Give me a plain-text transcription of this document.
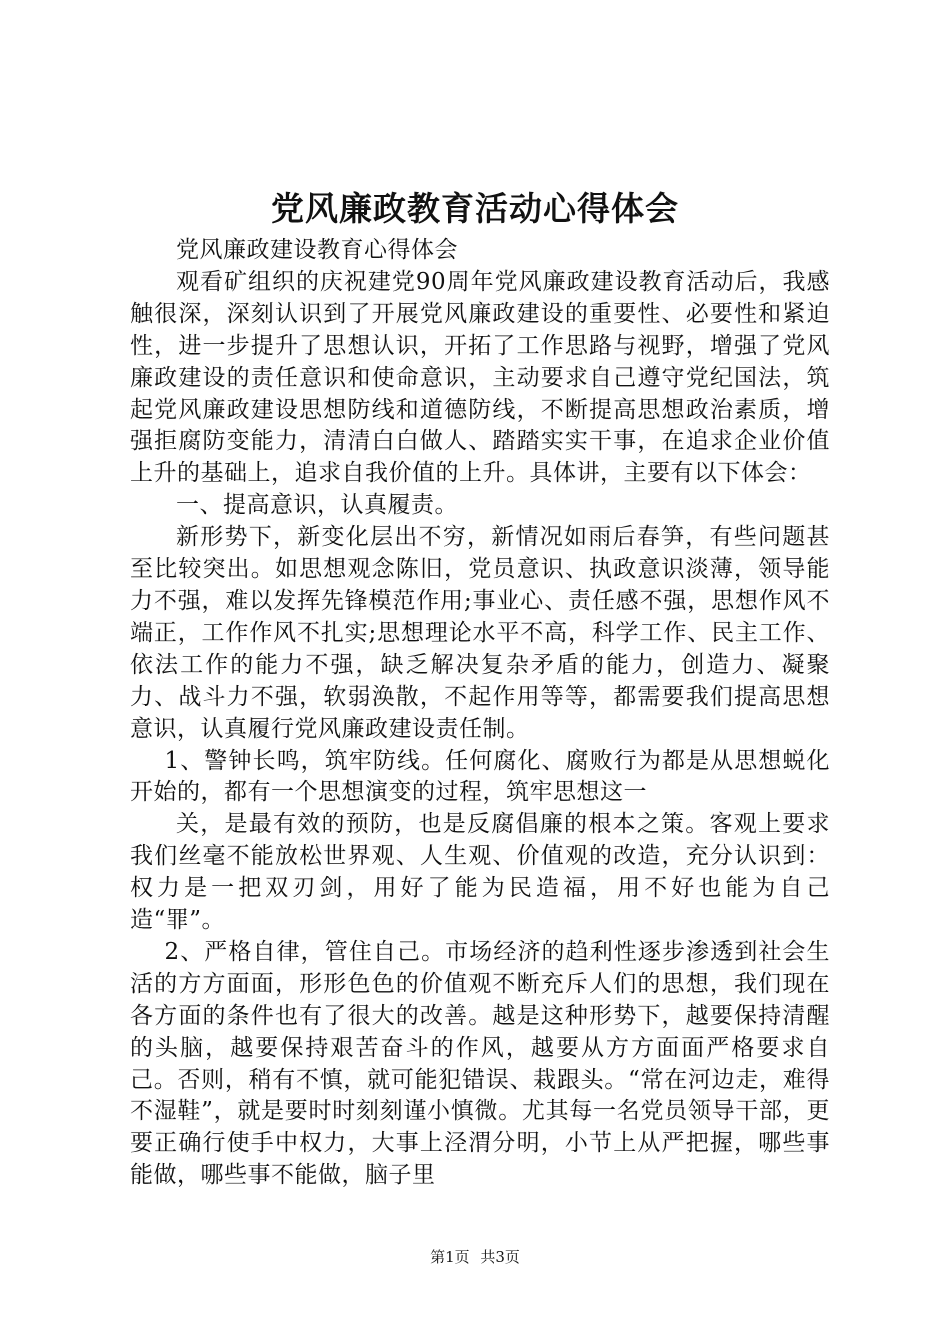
党风廉政教育活动心得体会

党风廉政建设教育心得体会

观看矿组织的庆祝建党90周年党风廉政建设教育活动后，我感触很深，深刻认识到了开展党风廉政建设的重要性、必要性和紧迫性，进一步提升了思想认识，开拓了工作思路与视野，增强了党风廉政建设的责任意识和使命意识，主动要求自己遵守党纪国法，筑起党风廉政建设思想防线和道德防线，不断提高思想政治素质，增强拒腐防变能力，清清白白做人、踏踏实实干事，在追求企业价值上升的基础上，追求自我价值的上升。具体讲，主要有以下体会：

一、提高意识，认真履责。

新形势下，新变化层出不穷，新情况如雨后春笋，有些问题甚至比较突出。如思想观念陈旧，党员意识、执政意识淡薄，领导能力不强，难以发挥先锋模范作用;事业心、责任感不强，思想作风不端正，工作作风不扎实;思想理论水平不高，科学工作、民主工作、依法工作的能力不强，缺乏解决复杂矛盾的能力，创造力、凝聚力、战斗力不强，软弱涣散，不起作用等等，都需要我们提高思想意识，认真履行党风廉政建设责任制。

1、警钟长鸣，筑牢防线。任何腐化、腐败行为都是从思想蜕化开始的，都有一个思想演变的过程，筑牢思想这一

关，是最有效的预防，也是反腐倡廉的根本之策。客观上要求我们丝毫不能放松世界观、人生观、价值观的改造，充分认识到：权力是一把双刃剑，用好了能为民造福，用不好也能为自己造“罪”。

2、严格自律，管住自己。市场经济的趋利性逐步渗透到社会生活的方方面面，形形色色的价值观不断充斥人们的思想，我们现在各方面的条件也有了很大的改善。越是这种形势下，越要保持清醒的头脑，越要保持艰苦奋斗的作风，越要从方方面面严格要求自己。否则，稍有不慎，就可能犯错误、栽跟头。“常在河边走，难得不湿鞋”，就是要时时刻刻谨小慎微。尤其每一名党员领导干部，更要正确行使手中权力，大事上泾渭分明，小节上从严把握，哪些事能做，哪些事不能做，脑子里

第1页 共3页
